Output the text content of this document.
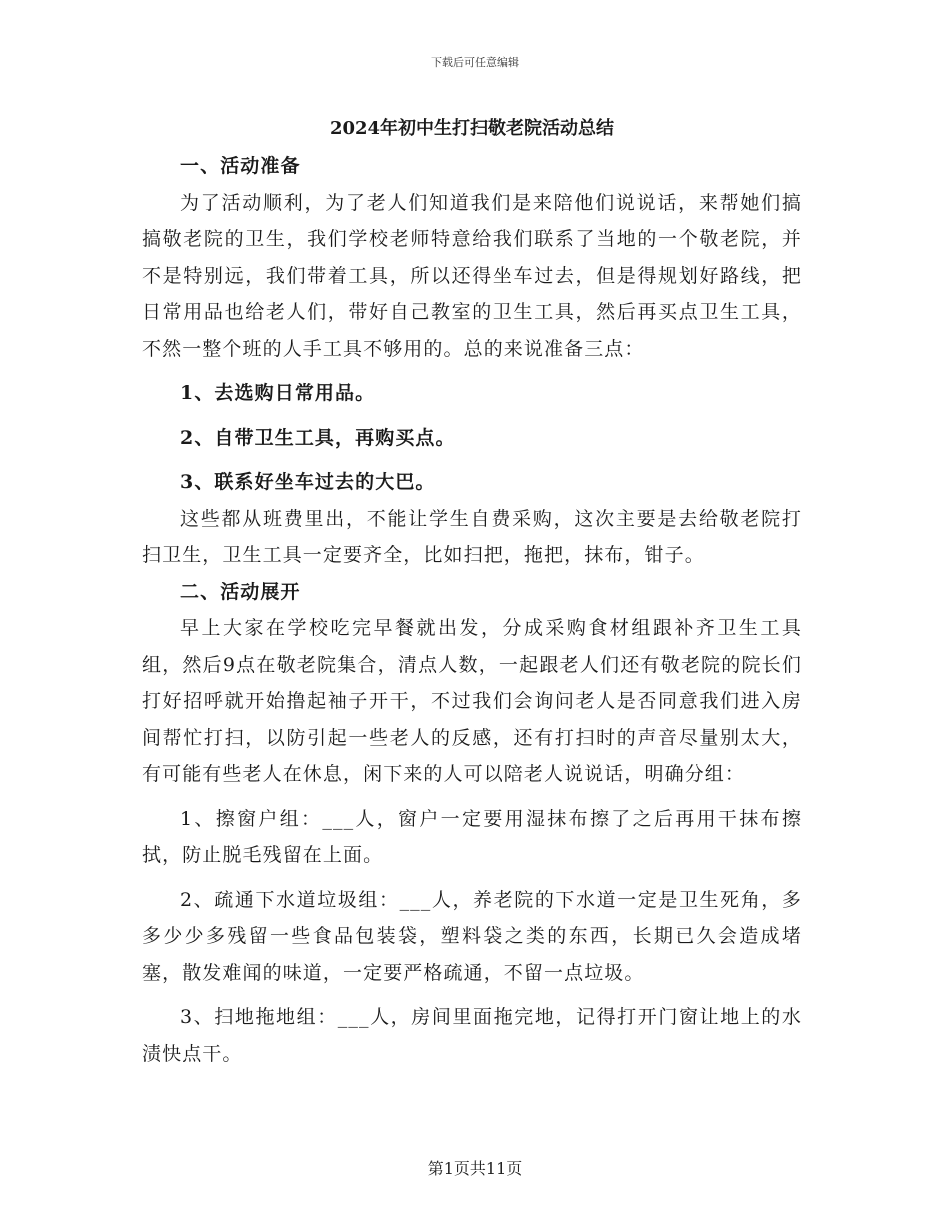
下载后可任意编辑
2024年初中生打扫敬老院活动总结

一、活动准备

为了活动顺利，为了老人们知道我们是来陪他们说说话，来帮她们搞搞敬老院的卫生，我们学校老师特意给我们联系了当地的一个敬老院，并不是特别远，我们带着工具，所以还得坐车过去，但是得规划好路线，把日常用品也给老人们，带好自己教室的卫生工具，然后再买点卫生工具，不然一整个班的人手工具不够用的。总的来说准备三点：

1、去选购日常用品。

2、自带卫生工具，再购买点。

3、联系好坐车过去的大巴。

这些都从班费里出，不能让学生自费采购，这次主要是去给敬老院打扫卫生，卫生工具一定要齐全，比如扫把，拖把，抹布，钳子。

二、活动展开

早上大家在学校吃完早餐就出发，分成采购食材组跟补齐卫生工具组，然后9点在敬老院集合，清点人数，一起跟老人们还有敬老院的院长们打好招呼就开始撸起袖子开干，不过我们会询问老人是否同意我们进入房间帮忙打扫，以防引起一些老人的反感，还有打扫时的声音尽量别太大，有可能有些老人在休息，闲下来的人可以陪老人说说话，明确分组：

1、擦窗户组：___人，窗户一定要用湿抹布擦了之后再用干抹布擦拭，防止脱毛残留在上面。

2、疏通下水道垃圾组：___人，养老院的下水道一定是卫生死角，多多少少多残留一些食品包装袋，塑料袋之类的东西，长期已久会造成堵塞，散发难闻的味道，一定要严格疏通，不留一点垃圾。

3、扫地拖地组：___人，房间里面拖完地，记得打开门窗让地上的水渍快点干。

第1页共11页
